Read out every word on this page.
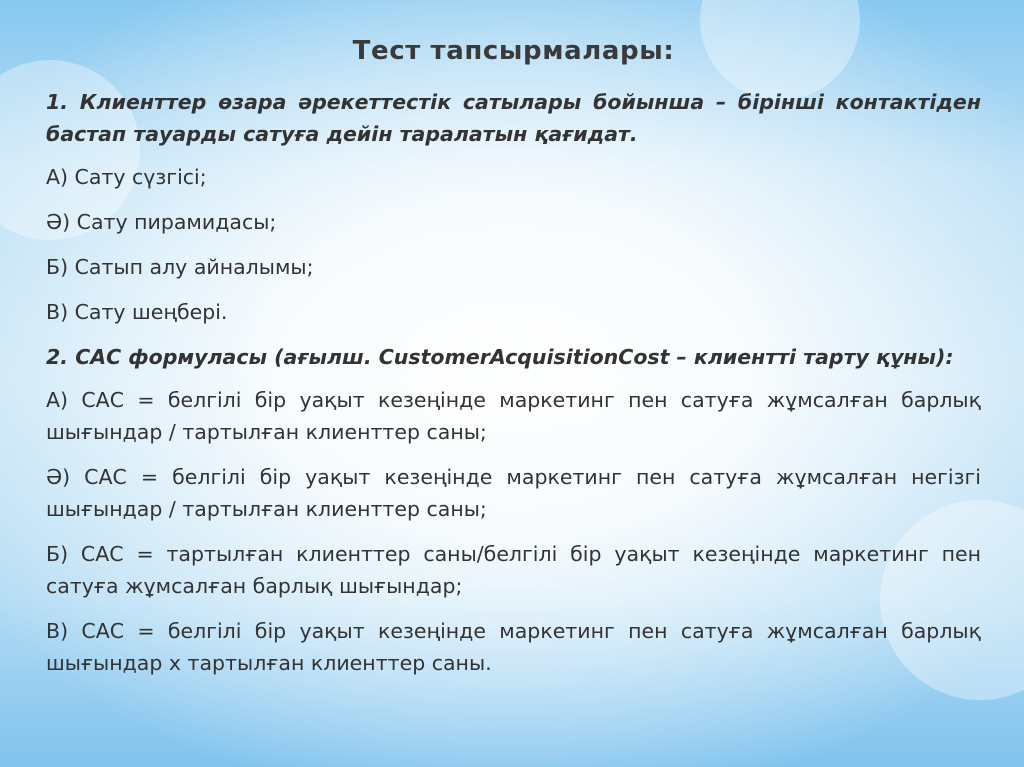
Тест тапсырмалары:

1. Клиенттер өзара әрекеттестік сатылары бойынша – бірінші контактіден бастап тауарды сатуға дейін таралатын қағидат.

А) Сату сүзгісі;

Ә) Сату пирамидасы;

Б) Сатып алу айналымы;

В) Сату шеңбері.

2. САС формуласы (ағылш. CustomerAcquisitionCost – клиентті тарту құны):

А) САС = белгілі бір уақыт кезеңінде маркетинг пен сатуға жұмсалған барлық шығындар / тартылған клиенттер саны;

Ә) САС = белгілі бір уақыт кезеңінде маркетинг пен сатуға жұмсалған негізгі шығындар / тартылған клиенттер саны;

Б) САС = тартылған клиенттер саны/белгілі бір уақыт кезеңінде маркетинг пен сатуға жұмсалған барлық шығындар;

В) САС = белгілі бір уақыт кезеңінде маркетинг пен сатуға жұмсалған барлық шығындар х тартылған клиенттер саны.
